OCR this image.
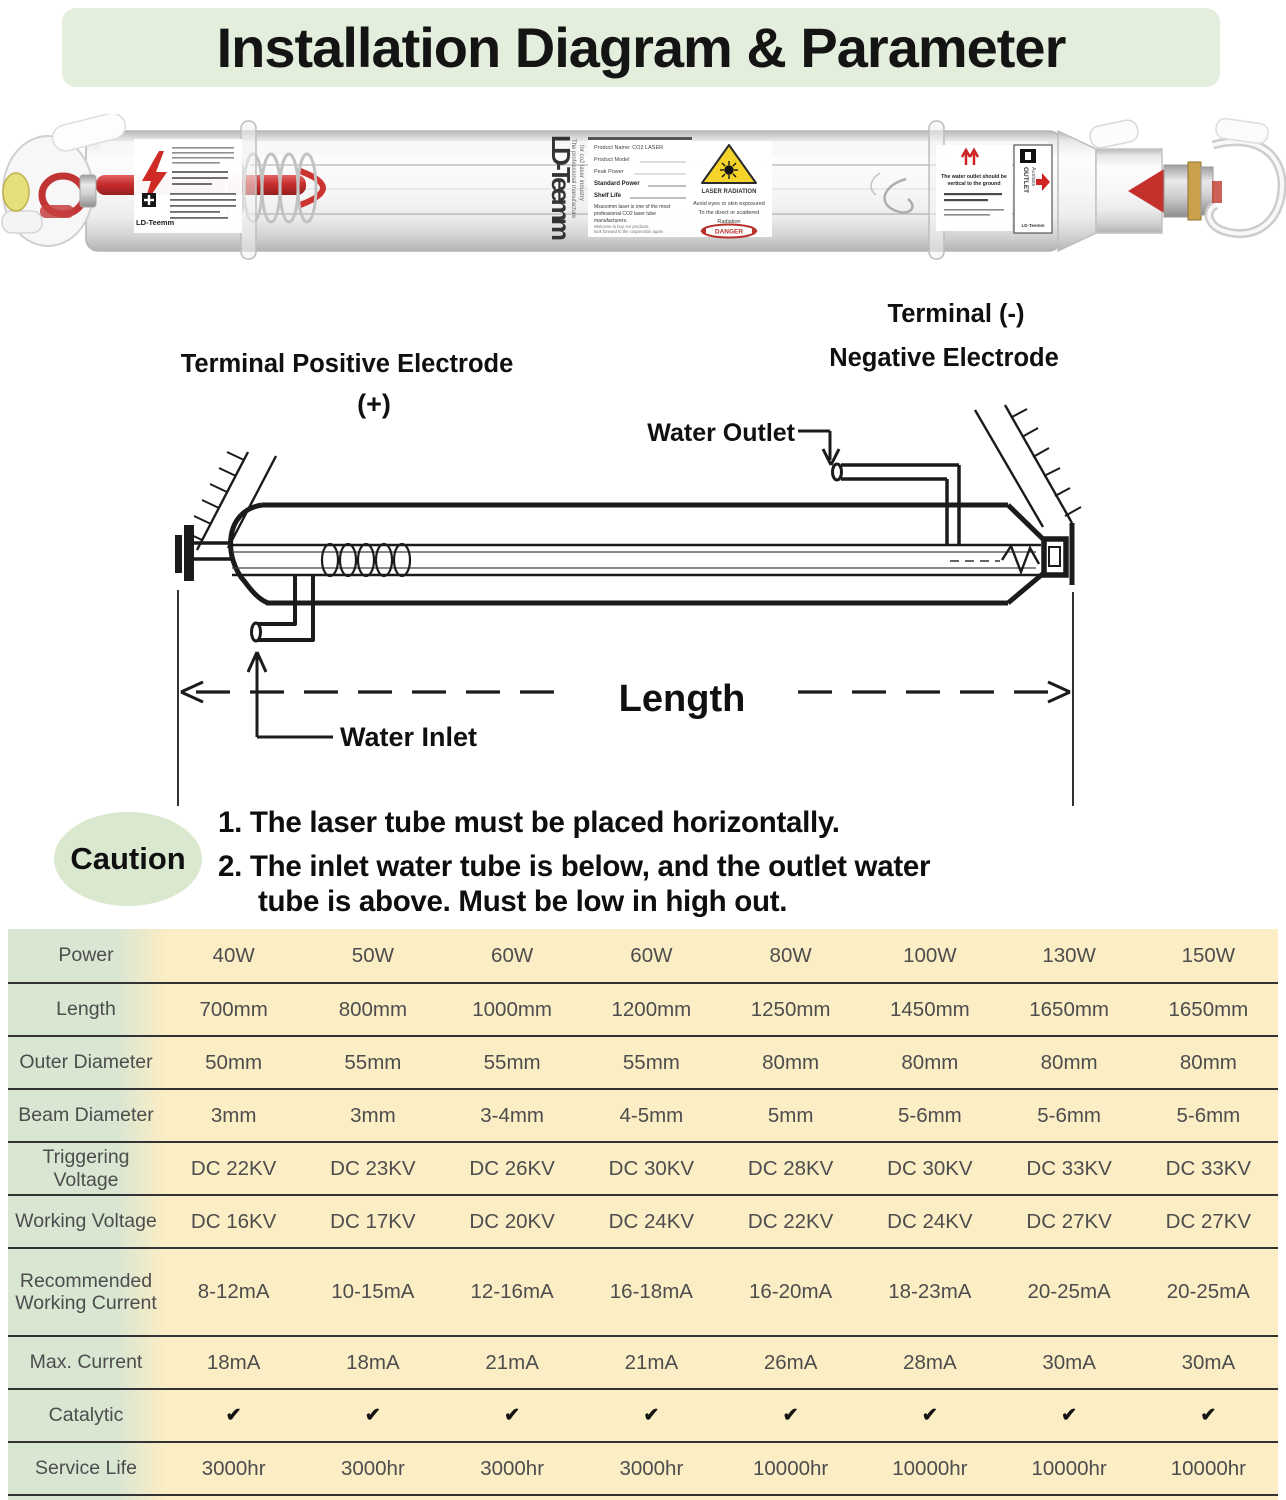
Installation Diagram & Parameter
LD-Teemm
LD-Teemm
The professional manufacture for co2 laser industry Product Name: CO2 LASER
Product Model
Peak Power
Standard Power
Shelf Life
Mssoomm laser is one of the most
professional CO2 laser tube
manufacturers.
Welcome to buy our products,
look forward to the cooperation again
LASER RADIATION
Avoid eyes or skin exposured
To the direct or scattered
Radiation
DANGER
The water outlet should be
vertical to the ground	OUTLET Auslass
LD-Teemm
Terminal Positive Electrode
(+)
Terminal (-)
Negative Electrode
Water Outlet
Length
Water Inlet
Caution
1. The laser tube must be placed horizontally.
2. The inlet water tube is below, and the outlet water
tube is above. Must be low in high out.
Power	40W	50W	60W	60W	80W	100W	130W	150W
Length	700mm	800mm	1000mm	1200mm	1250mm	1450mm	1650mm	1650mm
Outer Diameter	50mm	55mm	55mm	55mm	80mm	80mm	80mm	80mm
Beam Diameter	3mm	3mm	3-4mm	4-5mm	5mm	5-6mm	5-6mm	5-6mm
Triggering Voltage	DC 22KV	DC 23KV	DC 26KV	DC 30KV	DC 28KV	DC 30KV	DC 33KV	DC 33KV
Working Voltage	DC 16KV	DC 17KV	DC 20KV	DC 24KV	DC 22KV	DC 24KV	DC 27KV	DC 27KV
Recommended Working Current	8-12mA	10-15mA	12-16mA	16-18mA	16-20mA	18-23mA	20-25mA	20-25mA
Max. Current	18mA	18mA	21mA	21mA	26mA	28mA	30mA	30mA
Catalytic	✔	✔	✔	✔	✔	✔	✔	✔
Service Life	3000hr	3000hr	3000hr	3000hr	10000hr	10000hr	10000hr	10000hr
